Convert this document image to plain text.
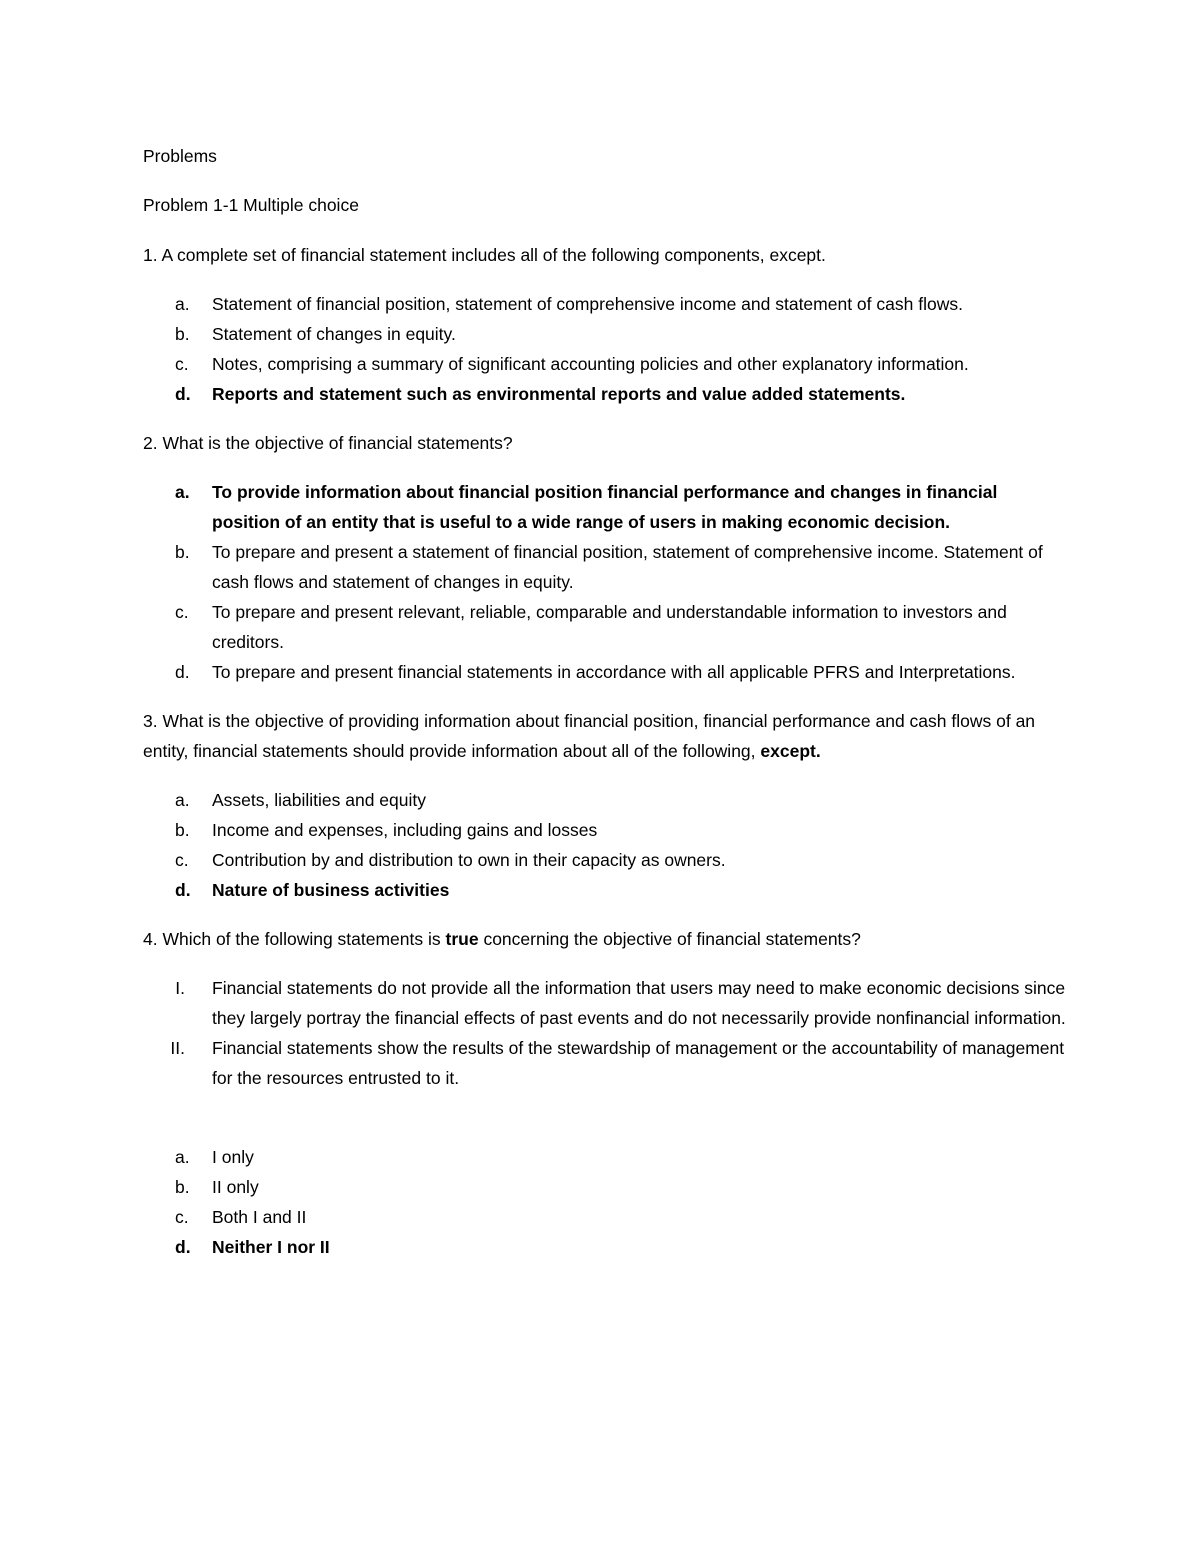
Problems

Problem 1-1 Multiple choice

1. A complete set of financial statement includes all of the following components, except.

a. Statement of financial position, statement of comprehensive income and statement of cash flows.
b. Statement of changes in equity.
c. Notes, comprising a summary of significant accounting policies and other explanatory information.
d. Reports and statement such as environmental reports and value added statements.

2. What is the objective of financial statements?

a. To provide information about financial position financial performance and changes in financial position of an entity that is useful to a wide range of users in making economic decision.
b. To prepare and present a statement of financial position, statement of comprehensive income. Statement of cash flows and statement of changes in equity.
c. To prepare and present relevant, reliable, comparable and understandable information to investors and creditors.
d. To prepare and present financial statements in accordance with all applicable PFRS and Interpretations.

3. What is the objective of providing information about financial position, financial performance and cash flows of an entity, financial statements should provide information about all of the following, except.

a. Assets, liabilities and equity
b. Income and expenses, including gains and losses
c. Contribution by and distribution to own in their capacity as owners.
d. Nature of business activities

4. Which of the following statements is true concerning the objective of financial statements?

I. Financial statements do not provide all the information that users may need to make economic decisions since they largely portray the financial effects of past events and do not necessarily provide nonfinancial information.
II. Financial statements show the results of the stewardship of management or the accountability of management for the resources entrusted to it.
a. I only
b. II only
c. Both I and II
d. Neither I nor II
